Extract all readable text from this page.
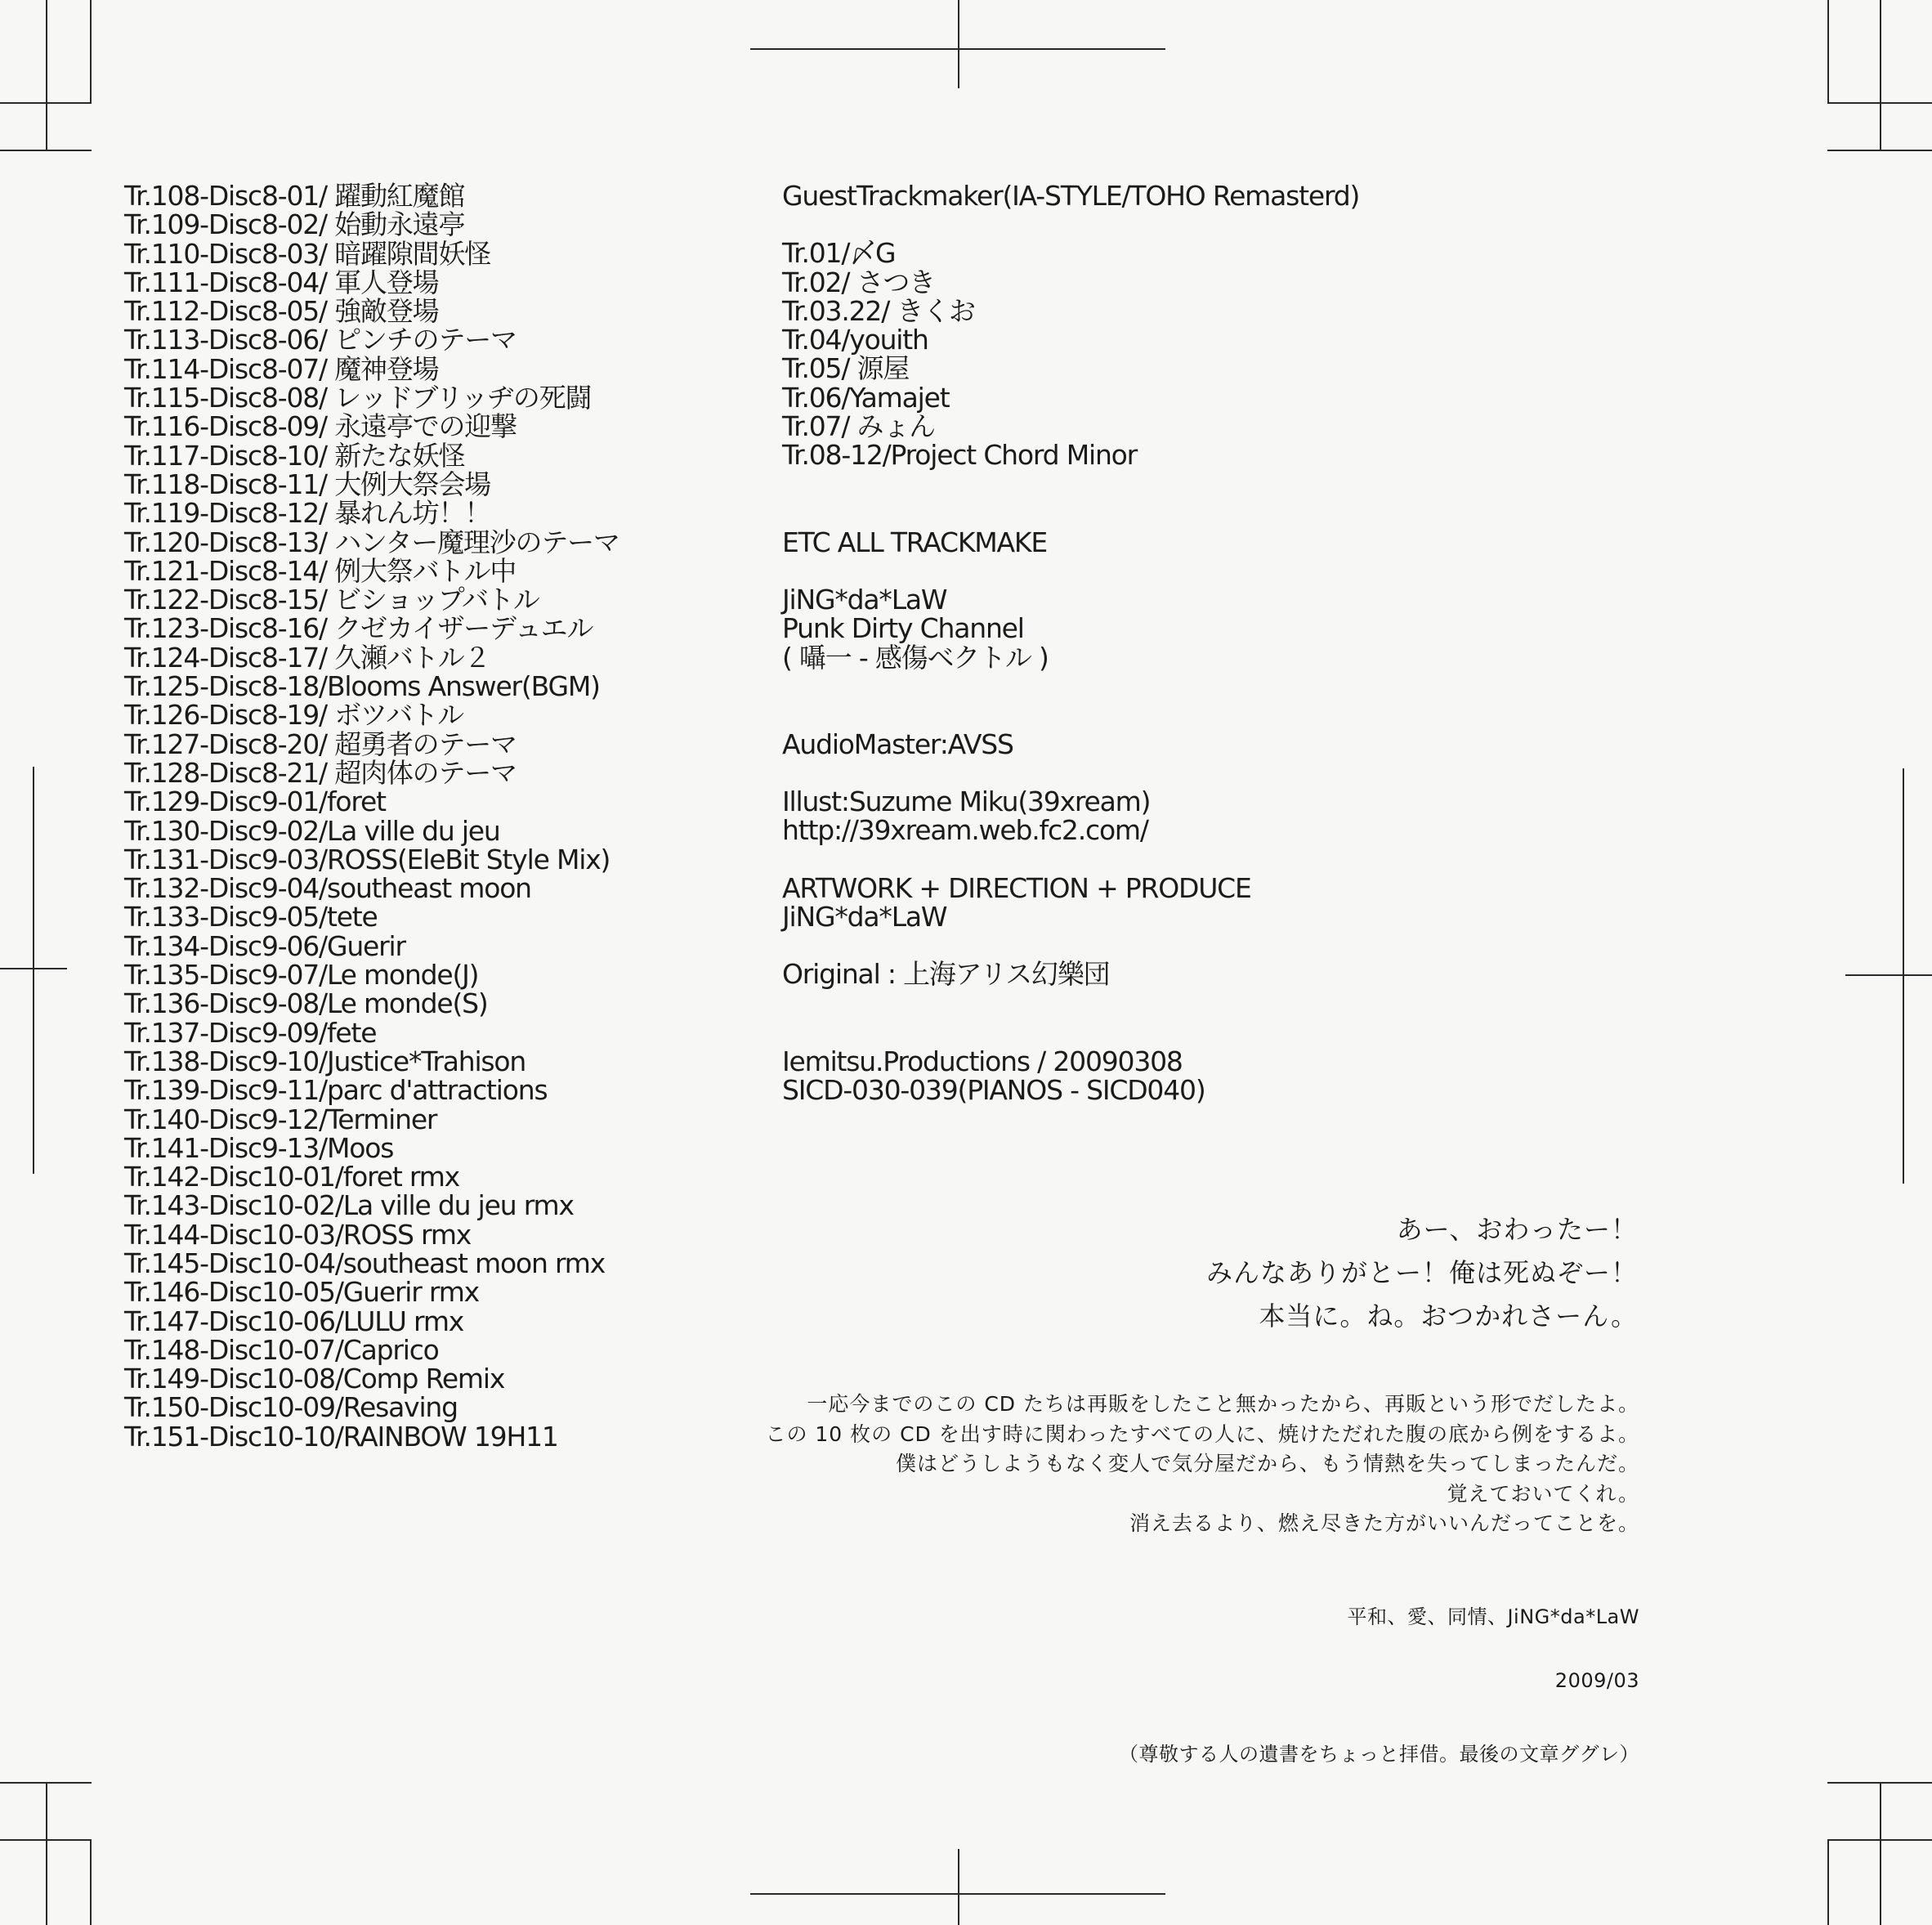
Tr.108-Disc8-01/ 躍動紅魔館
Tr.109-Disc8-02/ 始動永遠亭
Tr.110-Disc8-03/ 暗躍隙間妖怪
Tr.111-Disc8-04/ 軍人登場
Tr.112-Disc8-05/ 強敵登場
Tr.113-Disc8-06/ ピンチのテーマ
Tr.114-Disc8-07/ 魔神登場
Tr.115-Disc8-08/ レッドブリッヂの死闘
Tr.116-Disc8-09/ 永遠亭での迎撃
Tr.117-Disc8-10/ 新たな妖怪
Tr.118-Disc8-11/ 大例大祭会場
Tr.119-Disc8-12/ 暴れん坊！！
Tr.120-Disc8-13/ ハンター魔理沙のテーマ
Tr.121-Disc8-14/ 例大祭バトル中
Tr.122-Disc8-15/ ビショップバトル
Tr.123-Disc8-16/ クゼカイザーデュエル
Tr.124-Disc8-17/ 久瀬バトル２
Tr.125-Disc8-18/Blooms Answer(BGM)
Tr.126-Disc8-19/ ボツバトル
Tr.127-Disc8-20/ 超勇者のテーマ
Tr.128-Disc8-21/ 超肉体のテーマ
Tr.129-Disc9-01/foret
Tr.130-Disc9-02/La ville du jeu
Tr.131-Disc9-03/ROSS(EleBit Style Mix)
Tr.132-Disc9-04/southeast moon
Tr.133-Disc9-05/tete
Tr.134-Disc9-06/Guerir
Tr.135-Disc9-07/Le monde(J)
Tr.136-Disc9-08/Le monde(S)
Tr.137-Disc9-09/fete
Tr.138-Disc9-10/Justice*Trahison
Tr.139-Disc9-11/parc d'attractions
Tr.140-Disc9-12/Terminer
Tr.141-Disc9-13/Moos
Tr.142-Disc10-01/foret rmx
Tr.143-Disc10-02/La ville du jeu rmx
Tr.144-Disc10-03/ROSS rmx
Tr.145-Disc10-04/southeast moon rmx
Tr.146-Disc10-05/Guerir rmx
Tr.147-Disc10-06/LULU rmx
Tr.148-Disc10-07/Caprico
Tr.149-Disc10-08/Comp Remix
Tr.150-Disc10-09/Resaving
Tr.151-Disc10-10/RAINBOW 19H11
GuestTrackmaker(IA-STYLE/TOHO Remasterd)
Tr.01/〆G
Tr.02/ さつき
Tr.03.22/ きくお
Tr.04/youith
Tr.05/ 源屋
Tr.06/Yamajet
Tr.07/ みょん
Tr.08-12/Project Chord Minor
ETC ALL TRACKMAKE
JiNG*da*LaW
Punk Dirty Channel
( 囁一 - 感傷ベクトル )
AudioMaster:AVSS
Illust:Suzume Miku(39xream)
http://39xream.web.fc2.com/
ARTWORK + DIRECTION + PRODUCE
JiNG*da*LaW
Original : 上海アリス幻樂団
Iemitsu.Productions / 20090308
SICD-030-039(PIANOS - SICD040)
あー、おわったー！
みんなありがとー！俺は死ぬぞー！
本当に。ね。おつかれさーん。
一応今までのこの CD たちは再販をしたこと無かったから、再販という形でだしたよ。
この 10 枚の CD を出す時に関わったすべての人に、焼けただれた腹の底から例をするよ。
僕はどうしようもなく変人で気分屋だから、もう情熱を失ってしまったんだ。
覚えておいてくれ。
消え去るより、燃え尽きた方がいいんだってことを。
平和、愛、同情、JiNG*da*LaW
2009/03
（尊敬する人の遺書をちょっと拝借。最後の文章ググレ）
